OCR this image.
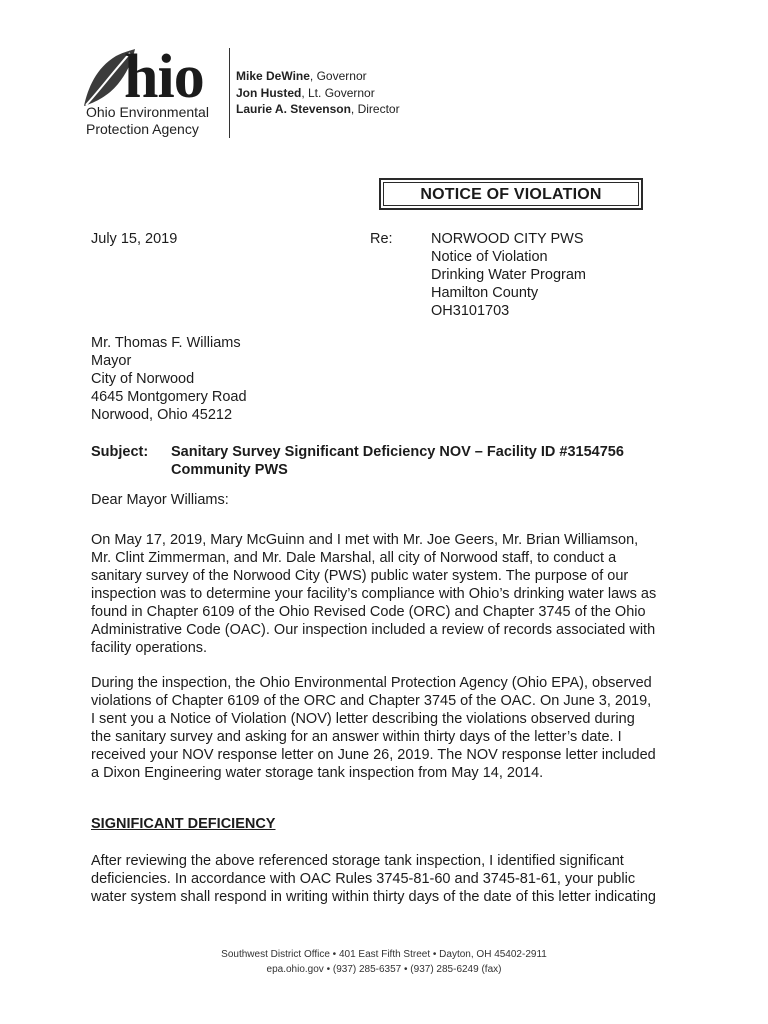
hio
Ohio Environmental
Protection Agency
Mike DeWine, Governor
Jon Husted, Lt. Governor
Laurie A. Stevenson, Director
NOTICE OF VIOLATION
July 15, 2019	Re:	NORWOOD CITY PWS
Notice of Violation
Drinking Water Program
Hamilton County
OH3101703
Mr. Thomas F. Williams
Mayor
City of Norwood
4645 Montgomery Road
Norwood, Ohio 45212
Subject: Sanitary Survey Significant Deficiency NOV – Facility ID #3154756
Community PWS
Dear Mayor Williams:
On May 17, 2019, Mary McGuinn and I met with Mr. Joe Geers, Mr. Brian Williamson,
Mr. Clint Zimmerman, and Mr. Dale Marshal, all city of Norwood staff, to conduct a
sanitary survey of the Norwood City (PWS) public water system. The purpose of our
inspection was to determine your facility’s compliance with Ohio’s drinking water laws as
found in Chapter 6109 of the Ohio Revised Code (ORC) and Chapter 3745 of the Ohio
Administrative Code (OAC). Our inspection included a review of records associated with
facility operations.
During the inspection, the Ohio Environmental Protection Agency (Ohio EPA), observed
violations of Chapter 6109 of the ORC and Chapter 3745 of the OAC. On June 3, 2019,
I sent you a Notice of Violation (NOV) letter describing the violations observed during
the sanitary survey and asking for an answer within thirty days of the letter’s date. I
received your NOV response letter on June 26, 2019. The NOV response letter included
a Dixon Engineering water storage tank inspection from May 14, 2014.
SIGNIFICANT DEFICIENCY
After reviewing the above referenced storage tank inspection, I identified significant
deficiencies. In accordance with OAC Rules 3745-81-60 and 3745-81-61, your public
water system shall respond in writing within thirty days of the date of this letter indicating
Southwest District Office • 401 East Fifth Street • Dayton, OH 45402-2911
epa.ohio.gov • (937) 285-6357 • (937) 285-6249 (fax)
